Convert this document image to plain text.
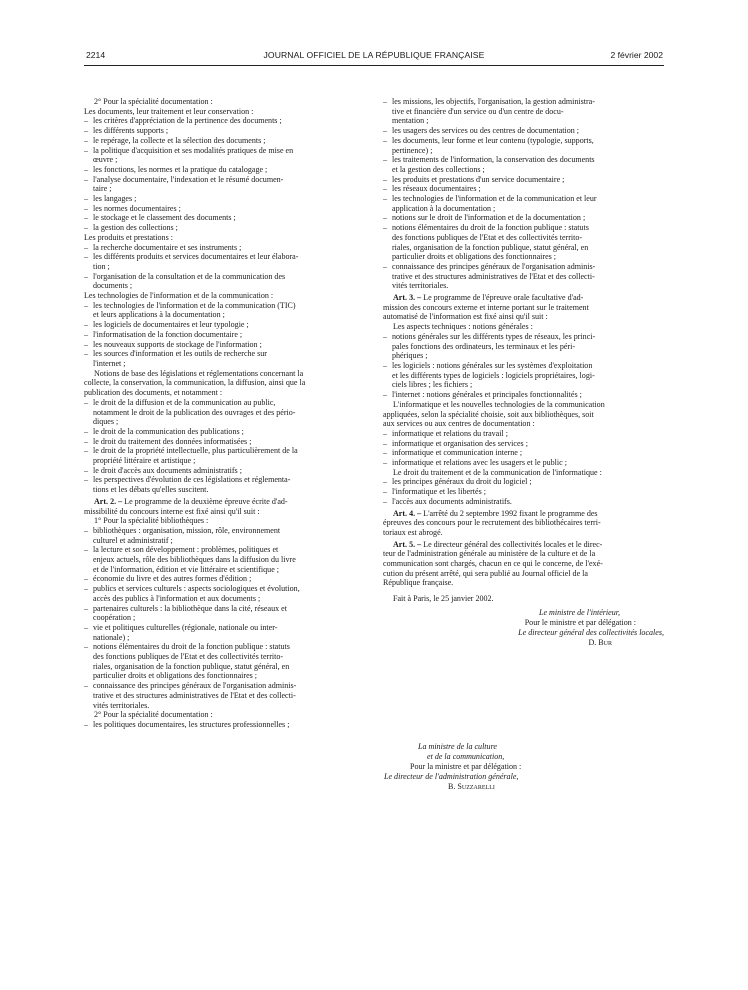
2214	JOURNAL OFFICIEL DE LA RÉPUBLIQUE FRANÇAISE	2 février 2002

2° Pour la spécialité documentation :

Les documents, leur traitement et leur conservation :

– les critères d'appréciation de la pertinence des documents ;

– les différents supports ;

– le repérage, la collecte et la sélection des documents ;

– la politique d'acquisition et ses modalités pratiques de mise en

œuvre ;

– les fonctions, les normes et la pratique du catalogage ;

– l'analyse documentaire, l'indexation et le résumé documen-

taire ;

– les langages ;

– les normes documentaires ;

– le stockage et le classement des documents ;

– la gestion des collections ;

Les produits et prestations :

– la recherche documentaire et ses instruments ;

– les différents produits et services documentaires et leur élabora-

tion ;

– l'organisation de la consultation et de la communication des

documents ;

Les technologies de l'information et de la communication :

– les technologies de l'information et de la communication (TIC)

et leurs applications à la documentation ;

– les logiciels de documentaires et leur typologie ;

– l'informatisation de la fonction documentaire ;

– les nouveaux supports de stockage de l'information ;

– les sources d'information et les outils de recherche sur

l'internet ;

Notions de base des législations et réglementations concernant la

collecte, la conservation, la communication, la diffusion, ainsi que la

publication des documents, et notamment :

– le droit de la diffusion et de la communication au public,

notamment le droit de la publication des ouvrages et des pério-

diques ;

– le droit de la communication des publications ;

– le droit du traitement des données informatisées ;

– le droit de la propriété intellectuelle, plus particulièrement de la

propriété littéraire et artistique ;

– le droit d'accès aux documents administratifs ;

– les perspectives d'évolution de ces législations et réglementa-

tions et les débats qu'elles suscitent.

Art. 2. – Le programme de la deuxième épreuve écrite d'ad-

missibilité du concours interne est fixé ainsi qu'il suit :

1° Pour la spécialité bibliothèques :

– bibliothèques : organisation, mission, rôle, environnement

culturel et administratif ;

– la lecture et son développement : problèmes, politiques et

enjeux actuels, rôle des bibliothèques dans la diffusion du livre

et de l'information, édition et vie littéraire et scientifique ;

– économie du livre et des autres formes d'édition ;

– publics et services culturels : aspects sociologiques et évolution,

accès des publics à l'information et aux documents ;

– partenaires culturels : la bibliothèque dans la cité, réseaux et

coopération ;

– vie et politiques culturelles (régionale, nationale ou inter-

nationale) ;

– notions élémentaires du droit de la fonction publique : statuts

des fonctions publiques de l'Etat et des collectivités territo-

riales, organisation de la fonction publique, statut général, en

particulier droits et obligations des fonctionnaires ;

– connaissance des principes généraux de l'organisation adminis-

trative et des structures administratives de l'Etat et des collecti-

vités territoriales.

2° Pour la spécialité documentation :

– les politiques documentaires, les structures professionnelles ;

– les missions, les objectifs, l'organisation, la gestion administra-

tive et financière d'un service ou d'un centre de docu-

mentation ;

– les usagers des services ou des centres de documentation ;

– les documents, leur forme et leur contenu (typologie, supports,

pertinence) ;

– les traitements de l'information, la conservation des documents

et la gestion des collections ;

– les produits et prestations d'un service documentaire ;

– les réseaux documentaires ;

– les technologies de l'information et de la communication et leur

application à la documentation ;

– notions sur le droit de l'information et de la documentation ;

– notions élémentaires du droit de la fonction publique : statuts

des fonctions publiques de l'Etat et des collectivités territo-

riales, organisation de la fonction publique, statut général, en

particulier droits et obligations des fonctionnaires ;

– connaissance des principes généraux de l'organisation adminis-

trative et des structures administratives de l'Etat et des collecti-

vités territoriales.

Art. 3. – Le programme de l'épreuve orale facultative d'ad-

mission des concours externe et interne portant sur le traitement

automatisé de l'information est fixé ainsi qu'il suit :

Les aspects techniques : notions générales :

– notions générales sur les différents types de réseaux, les princi-

pales fonctions des ordinateurs, les terminaux et les péri-

phériques ;

– les logiciels : notions générales sur les systèmes d'exploitation

et les différents types de logiciels : logiciels propriétaires, logi-

ciels libres ; les fichiers ;

– l'internet : notions générales et principales fonctionnalités ;

L'informatique et les nouvelles technologies de la communication

appliquées, selon la spécialité choisie, soit aux bibliothèques, soit

aux services ou aux centres de documentation :

– informatique et relations du travail ;

– informatique et organisation des services ;

– informatique et communication interne ;

– informatique et relations avec les usagers et le public ;

Le droit du traitement et de la communication de l'informatique :

– les principes généraux du droit du logiciel ;

– l'informatique et les libertés ;

– l'accès aux documents administratifs.

Art. 4. – L'arrêté du 2 septembre 1992 fixant le programme des

épreuves des concours pour le recrutement des bibliothécaires terri-

toriaux est abrogé.

Art. 5. – Le directeur général des collectivités locales et le direc-

teur de l'administration générale au ministère de la culture et de la

communication sont chargés, chacun en ce qui le concerne, de l'exé-

cution du présent arrêté, qui sera publié au Journal officiel de la

République française.

Fait à Paris, le 25 janvier 2002.

Le ministre de l'intérieur,

Pour le ministre et par délégation :

Le directeur général des collectivités locales,

D. Bur

La ministre de la culture

et de la communication,

Pour la ministre et par délégation :

Le directeur de l'administration générale,

B. Suzzarelli
